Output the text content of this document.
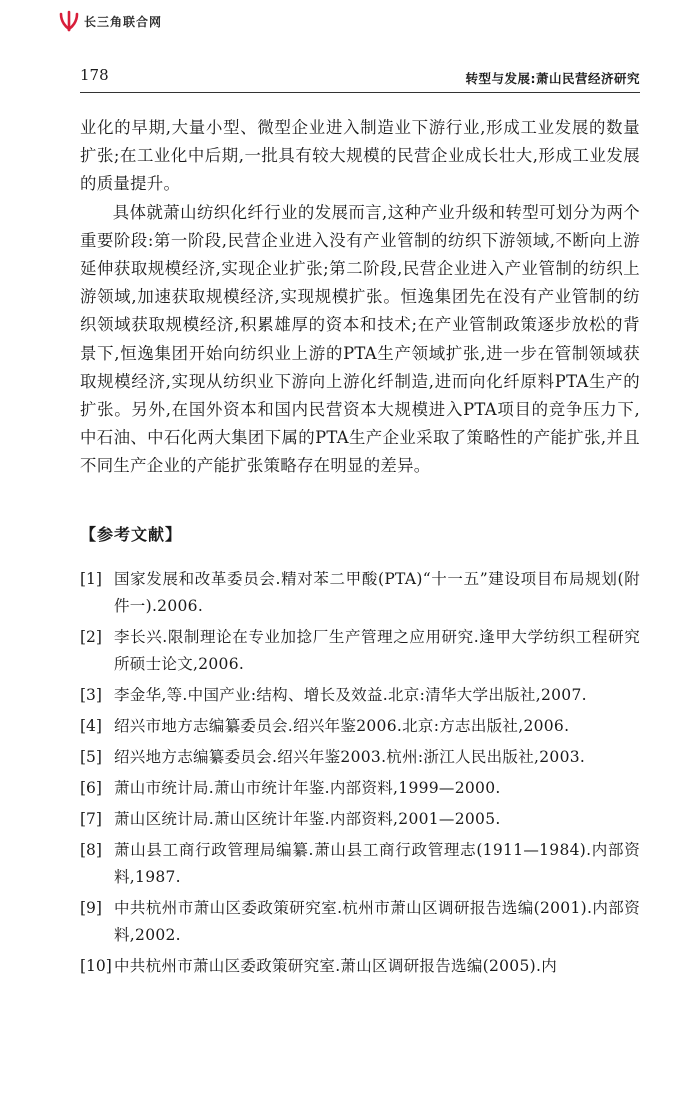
长三角联合网
178	转型与发展:萧山民营经济研究

业化的早期,大量小型、微型企业进入制造业下游行业,形成工业发展的数量扩张;在工业化中后期,一批具有较大规模的民营企业成长壮大,形成工业发展的质量提升。

具体就萧山纺织化纤行业的发展而言,这种产业升级和转型可划分为两个重要阶段:第一阶段,民营企业进入没有产业管制的纺织下游领域,不断向上游延伸获取规模经济,实现企业扩张;第二阶段,民营企业进入产业管制的纺织上游领域,加速获取规模经济,实现规模扩张。恒逸集团先在没有产业管制的纺织领域获取规模经济,积累雄厚的资本和技术;在产业管制政策逐步放松的背景下,恒逸集团开始向纺织业上游的PTA生产领域扩张,进一步在管制领域获取规模经济,实现从纺织业下游向上游化纤制造,进而向化纤原料PTA生产的扩张。另外,在国外资本和国内民营资本大规模进入PTA项目的竞争压力下,中石油、中石化两大集团下属的PTA生产企业采取了策略性的产能扩张,并且不同生产企业的产能扩张策略存在明显的差异。

【参考文献】
[1] 国家发展和改革委员会.精对苯二甲酸(PTA)“十一五”建设项目布局规划(附件一).2006.
[2] 李长兴.限制理论在专业加捻厂生产管理之应用研究.逢甲大学纺织工程研究所硕士论文,2006.
[3] 李金华,等.中国产业:结构、增长及效益.北京:清华大学出版社,2007.
[4] 绍兴市地方志编纂委员会.绍兴年鉴2006.北京:方志出版社,2006.
[5] 绍兴地方志编纂委员会.绍兴年鉴2003.杭州:浙江人民出版社,2003.
[6] 萧山市统计局.萧山市统计年鉴.内部资料,1999—2000.
[7] 萧山区统计局.萧山区统计年鉴.内部资料,2001—2005.
[8] 萧山县工商行政管理局编纂.萧山县工商行政管理志(1911—1984).内部资料,1987.
[9] 中共杭州市萧山区委政策研究室.杭州市萧山区调研报告选编(2001).内部资料,2002.
[10] 中共杭州市萧山区委政策研究室.萧山区调研报告选编(2005).内
